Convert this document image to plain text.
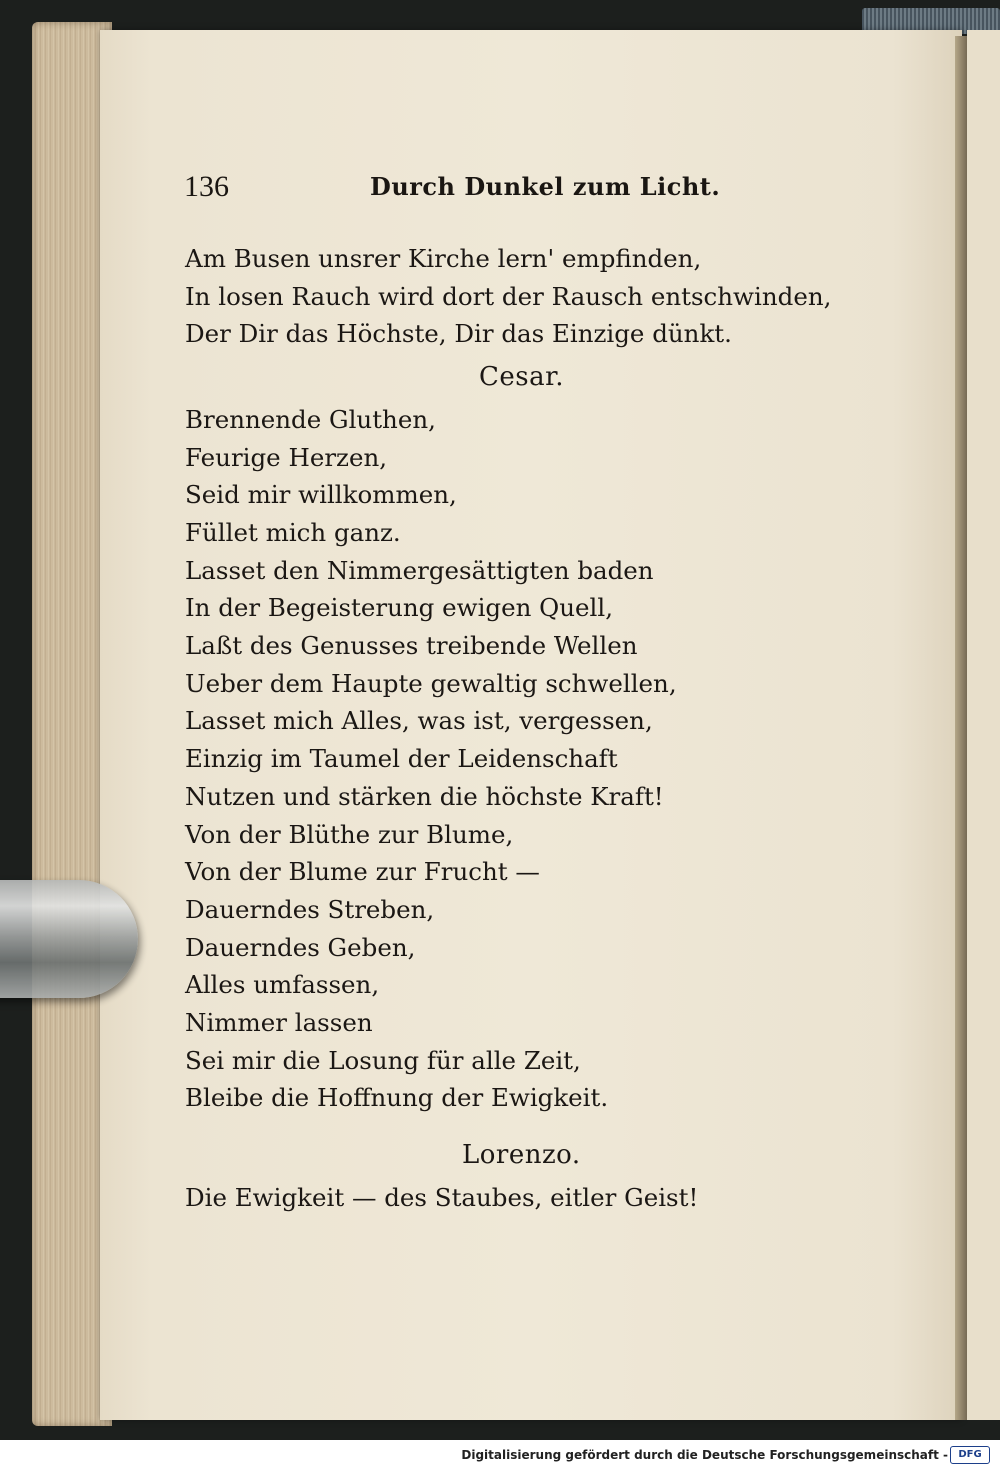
136	Durch Dunkel zum Licht.
Am Busen unsrer Kirche lern' empfinden,
In losen Rauch wird dort der Rausch entschwinden,
Der Dir das Höchste, Dir das Einzige dünkt.
Cesar.
Brennende Gluthen,
Feurige Herzen,
Seid mir willkommen,
Füllet mich ganz.
Lasset den Nimmergesättigten baden
In der Begeisterung ewigen Quell,
Laßt des Genusses treibende Wellen
Ueber dem Haupte gewaltig schwellen,
Lasset mich Alles, was ist, vergessen,
Einzig im Taumel der Leidenschaft
Nutzen und stärken die höchste Kraft!
Von der Blüthe zur Blume,
Von der Blume zur Frucht —
Dauerndes Streben,
Dauerndes Geben,
Alles umfassen,
Nimmer lassen
Sei mir die Losung für alle Zeit,
Bleibe die Hoffnung der Ewigkeit.
Lorenzo.
Die Ewigkeit — des Staubes, eitler Geist!
Digitalisierung gefördert durch die Deutsche Forschungsgemeinschaft -	DFG
